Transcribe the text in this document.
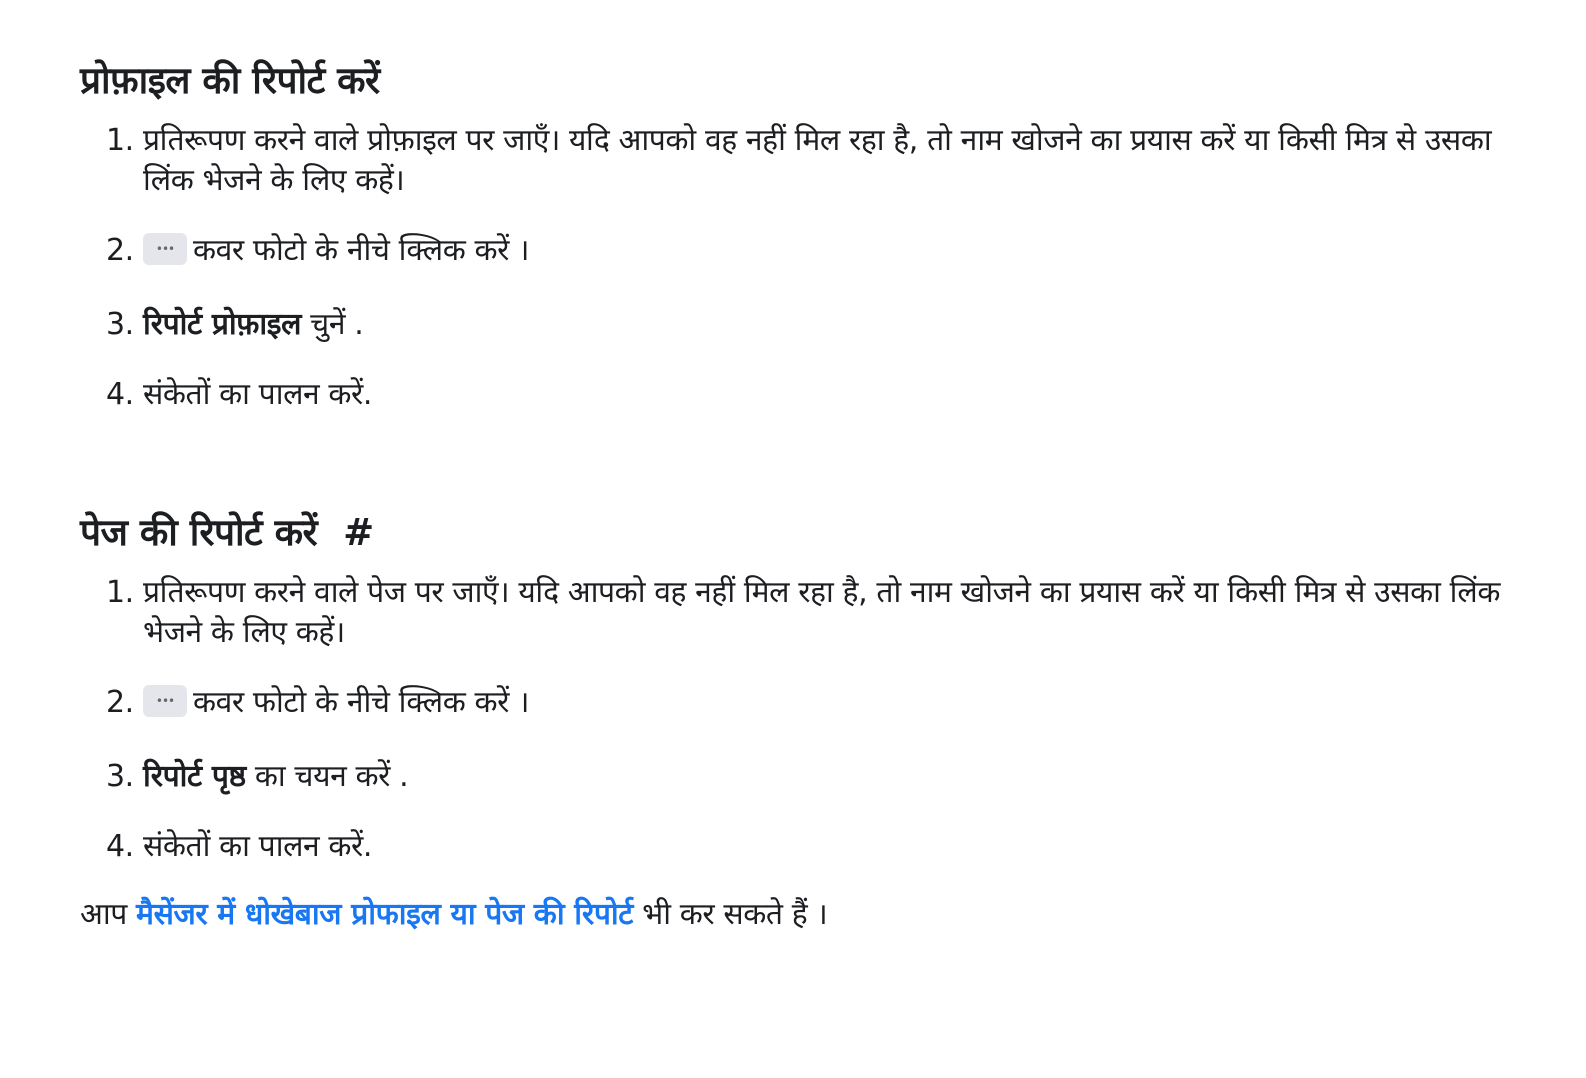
प्रोफ़ाइल की रिपोर्ट करें
1. प्रतिरूपण करने वाले प्रोफ़ाइल पर जाएँ। यदि आपको वह नहीं मिल रहा है, तो नाम खोजने का प्रयास करें या किसी मित्र से उसका लिंक भेजने के लिए कहें।
2. ••• कवर फोटो के नीचे क्लिक करें ।
3. रिपोर्ट प्रोफ़ाइल चुनें .
4. संकेतों का पालन करें.
पेज की रिपोर्ट करें #
1. प्रतिरूपण करने वाले पेज पर जाएँ। यदि आपको वह नहीं मिल रहा है, तो नाम खोजने का प्रयास करें या किसी मित्र से उसका लिंक भेजने के लिए कहें।
2. ••• कवर फोटो के नीचे क्लिक करें ।
3. रिपोर्ट पृष्ठ का चयन करें .
4. संकेतों का पालन करें.

आप मैसेंजर में धोखेबाज प्रोफाइल या पेज की रिपोर्ट भी कर सकते हैं ।
